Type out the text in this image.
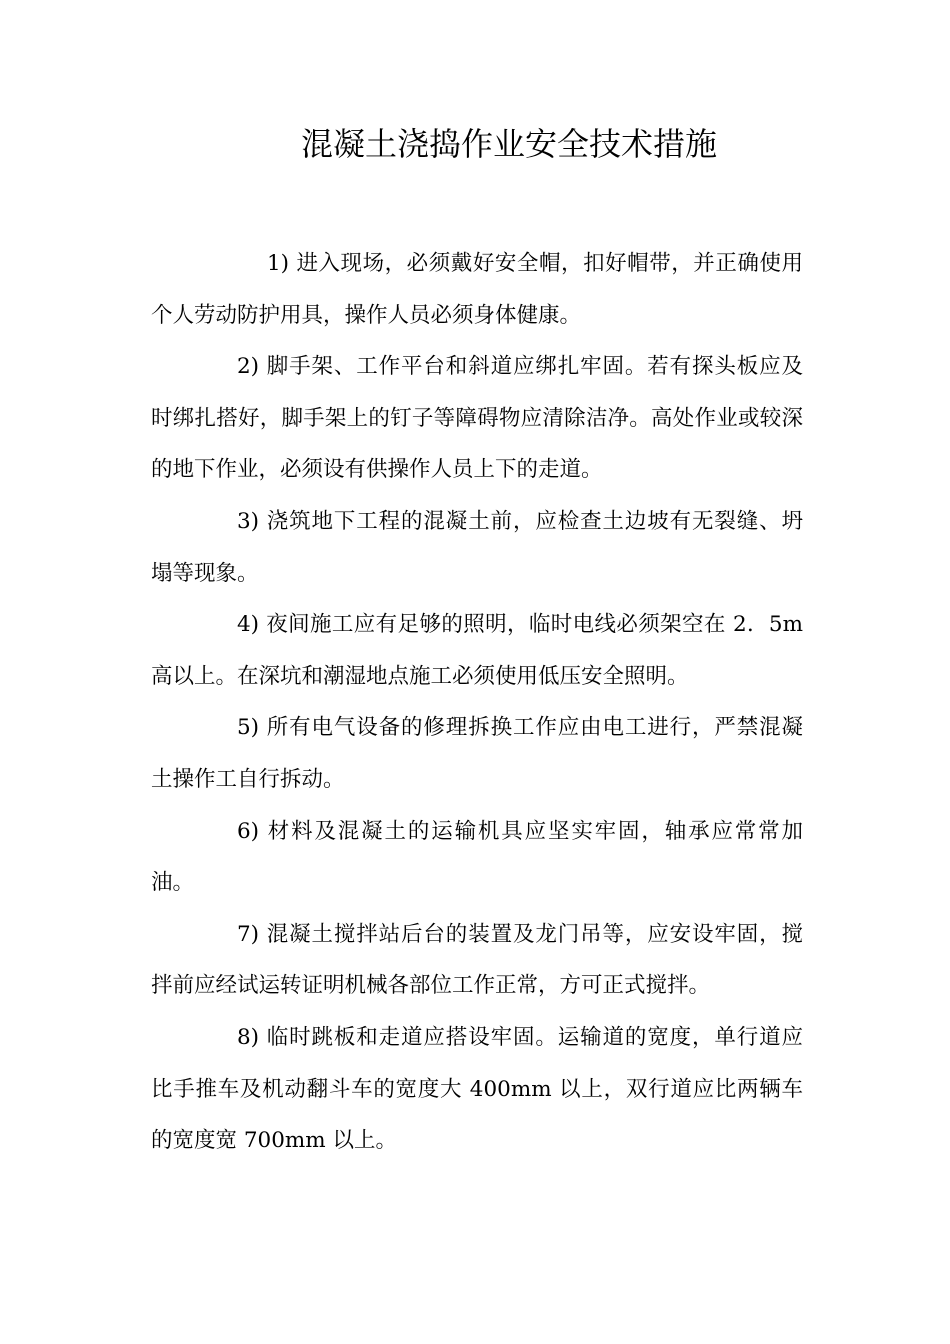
混凝土浇捣作业安全技术措施

1) 进入现场，必须戴好安全帽，扣好帽带，并正确使用个人劳动防护用具，操作人员必须身体健康。

2) 脚手架、工作平台和斜道应绑扎牢固。若有探头板应及时绑扎搭好，脚手架上的钉子等障碍物应清除洁净。高处作业或较深的地下作业，必须设有供操作人员上下的走道。

3) 浇筑地下工程的混凝土前，应检查土边坡有无裂缝、坍塌等现象。

4) 夜间施工应有足够的照明，临时电线必须架空在 2．5m 高以上。在深坑和潮湿地点施工必须使用低压安全照明。

5) 所有电气设备的修理拆换工作应由电工进行，严禁混凝土操作工自行拆动。

6) 材料及混凝土的运输机具应坚实牢固，轴承应常常加油。

7) 混凝土搅拌站后台的装置及龙门吊等，应安设牢固，搅拌前应经试运转证明机械各部位工作正常，方可正式搅拌。

8) 临时跳板和走道应搭设牢固。运输道的宽度，单行道应比手推车及机动翻斗车的宽度大 400mm 以上，双行道应比两辆车的宽度宽 700mm 以上。
